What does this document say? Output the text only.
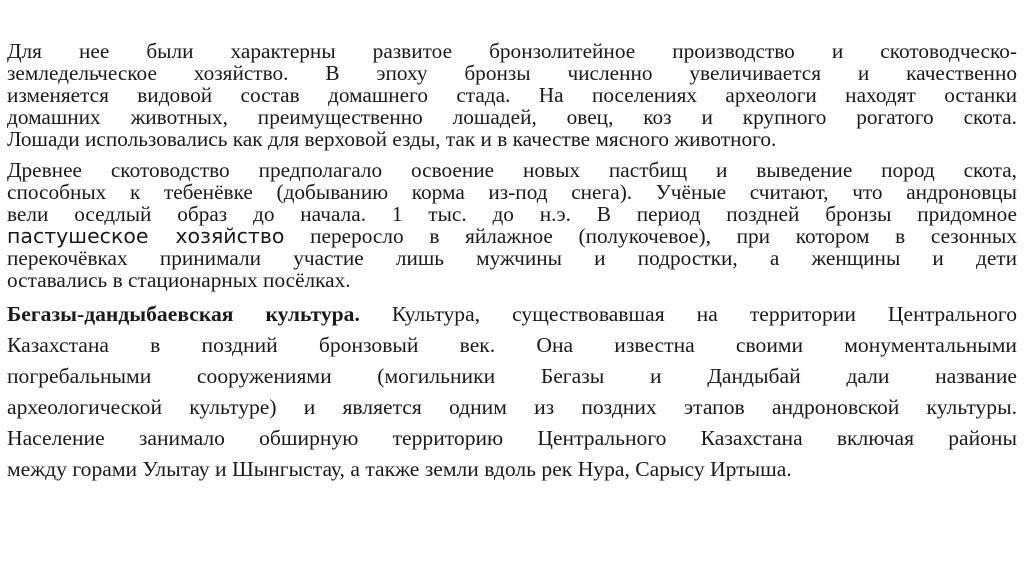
Для нее были характерны развитое бронзолитейное производство и скотоводческо-
земледельческое хозяйство. В эпоху бронзы численно увеличивается и качественно
изменяется видовой состав домашнего стада. На поселениях археологи находят останки
домашних животных, преимущественно лошадей, овец, коз и крупного рогатого скота.
Лошади использовались как для верховой езды, так и в качестве мясного животного.

Древнее скотоводство предполагало освоение новых пастбищ и выведение пород скота,
способных к тебенёвке (добыванию корма из-под снега). Учёные считают, что андроновцы
вели оседлый образ до начала. 1 тыс. до н.э. В период поздней бронзы придомное
пастушеское хозяйство переросло в яйлажное (полукочевое), при котором в сезонных
перекочёвках принимали участие лишь мужчины и подростки, а женщины и дети
оставались в стационарных посёлках.

Бегазы-дандыбаевская культура. Культура, существовавшая на территории Центрального
Казахстана в поздний бронзовый век. Она известна своими монументальными
погребальными сооружениями (могильники Бегазы и Дандыбай дали название
археологической культуре) и является одним из поздних этапов андроновской культуры.
Население занимало обширную территорию Центрального Казахстана включая районы
между горами Улытау и Шынгыстау, а также земли вдоль рек Нура, Сарысу Иртыша.
